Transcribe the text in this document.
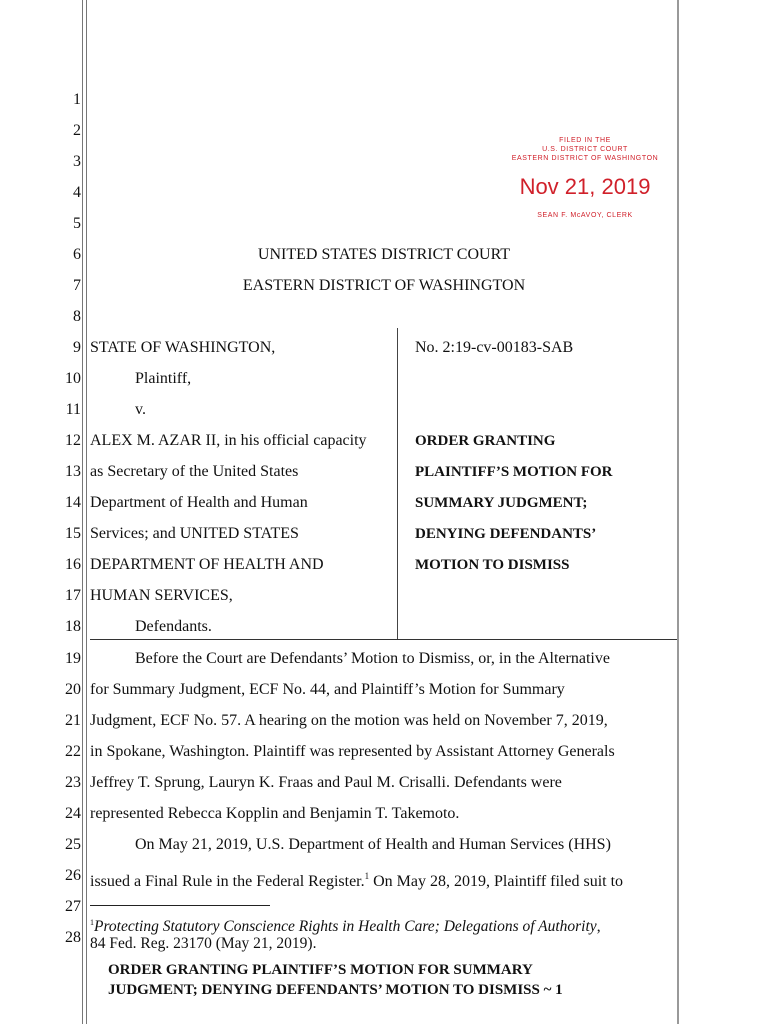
1
2
3
4
5
6
7
8
9
10
11
12
13
14
15
16
17
18
19
20
21
22
23
24
25
26
27
28
FILED IN THE
U.S. DISTRICT COURT
EASTERN DISTRICT OF WASHINGTON
Nov 21, 2019
SEAN F. McAVOY, CLERK
UNITED STATES DISTRICT COURT
EASTERN DISTRICT OF WASHINGTON
STATE OF WASHINGTON,
Plaintiff,
v.
ALEX M. AZAR II, in his official capacity
as Secretary of the United States
Department of Health and Human
Services; and UNITED STATES
DEPARTMENT OF HEALTH AND
HUMAN SERVICES,
Defendants.
No. 2:19-cv-00183-SAB
ORDER GRANTING
PLAINTIFF’S MOTION FOR
SUMMARY JUDGMENT;
DENYING DEFENDANTS’
MOTION TO DISMISS
Before the Court are Defendants’ Motion to Dismiss, or, in the Alternative
for Summary Judgment, ECF No. 44, and Plaintiff’s Motion for Summary
Judgment, ECF No. 57. A hearing on the motion was held on November 7, 2019,
in Spokane, Washington. Plaintiff was represented by Assistant Attorney Generals
Jeffrey T. Sprung, Lauryn K. Fraas and Paul M. Crisalli. Defendants were
represented Rebecca Kopplin and Benjamin T. Takemoto.
On May 21, 2019, U.S. Department of Health and Human Services (HHS)
issued a Final Rule in the Federal Register.$^1$ On May 28, 2019, Plaintiff filed suit to
$^1$Protecting Statutory Conscience Rights in Health Care; Delegations of Authority,
84 Fed. Reg. 23170 (May 21, 2019).
ORDER GRANTING PLAINTIFF’S MOTION FOR SUMMARY
JUDGMENT; DENYING DEFENDANTS’ MOTION TO DISMISS ~ 1
